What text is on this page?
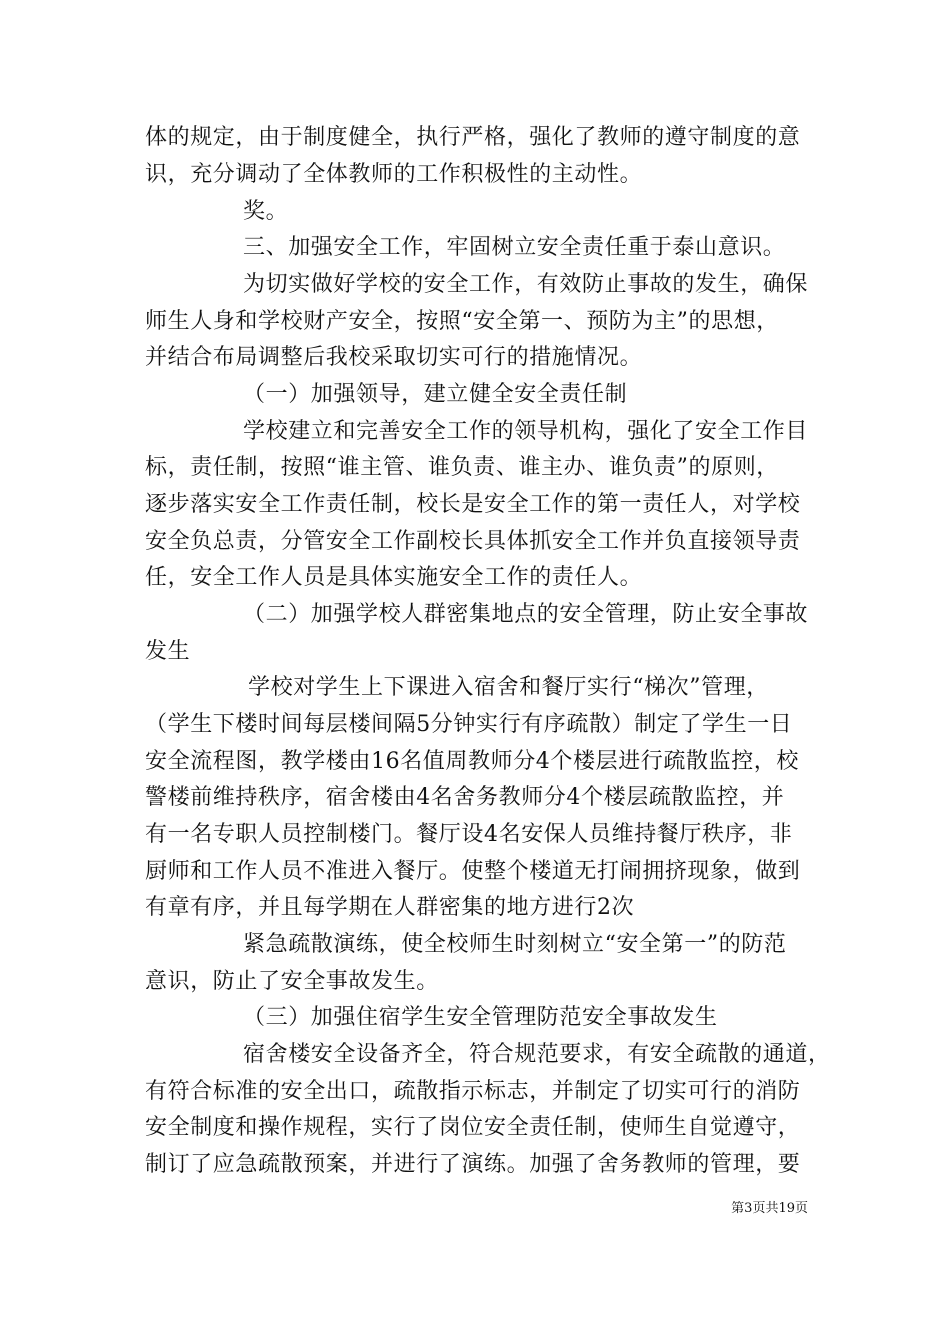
体的规定，由于制度健全，执行严格，强化了教师的遵守制度的意
识，充分调动了全体教师的工作积极性的主动性。
奖。
三、加强安全工作，牢固树立安全责任重于泰山意识。
为切实做好学校的安全工作，有效防止事故的发生，确保
师生人身和学校财产安全，按照“安全第一、预防为主”的思想，
并结合布局调整后我校采取切实可行的措施情况。
（一）加强领导，建立健全安全责任制
学校建立和完善安全工作的领导机构，强化了安全工作目
标，责任制，按照“谁主管、谁负责、谁主办、谁负责”的原则，
逐步落实安全工作责任制，校长是安全工作的第一责任人，对学校
安全负总责，分管安全工作副校长具体抓安全工作并负直接领导责
任，安全工作人员是具体实施安全工作的责任人。
（二）加强学校人群密集地点的安全管理，防止安全事故
发生
学校对学生上下课进入宿舍和餐厅实行“梯次”管理，
（学生下楼时间每层楼间隔5分钟实行有序疏散）制定了学生一日
安全流程图，教学楼由16名值周教师分4个楼层进行疏散监控，校
警楼前维持秩序，宿舍楼由4名舍务教师分4个楼层疏散监控，并
有一名专职人员控制楼门。餐厅设4名安保人员维持餐厅秩序，非
厨师和工作人员不准进入餐厅。使整个楼道无打闹拥挤现象，做到
有章有序，并且每学期在人群密集的地方进行2次
紧急疏散演练，使全校师生时刻树立“安全第一”的防范
意识，防止了安全事故发生。
（三）加强住宿学生安全管理防范安全事故发生
宿舍楼安全设备齐全，符合规范要求，有安全疏散的通道，
有符合标准的安全出口，疏散指示标志，并制定了切实可行的消防
安全制度和操作规程，实行了岗位安全责任制，使师生自觉遵守，
制订了应急疏散预案，并进行了演练。加强了舍务教师的管理，要
第3页共19页
